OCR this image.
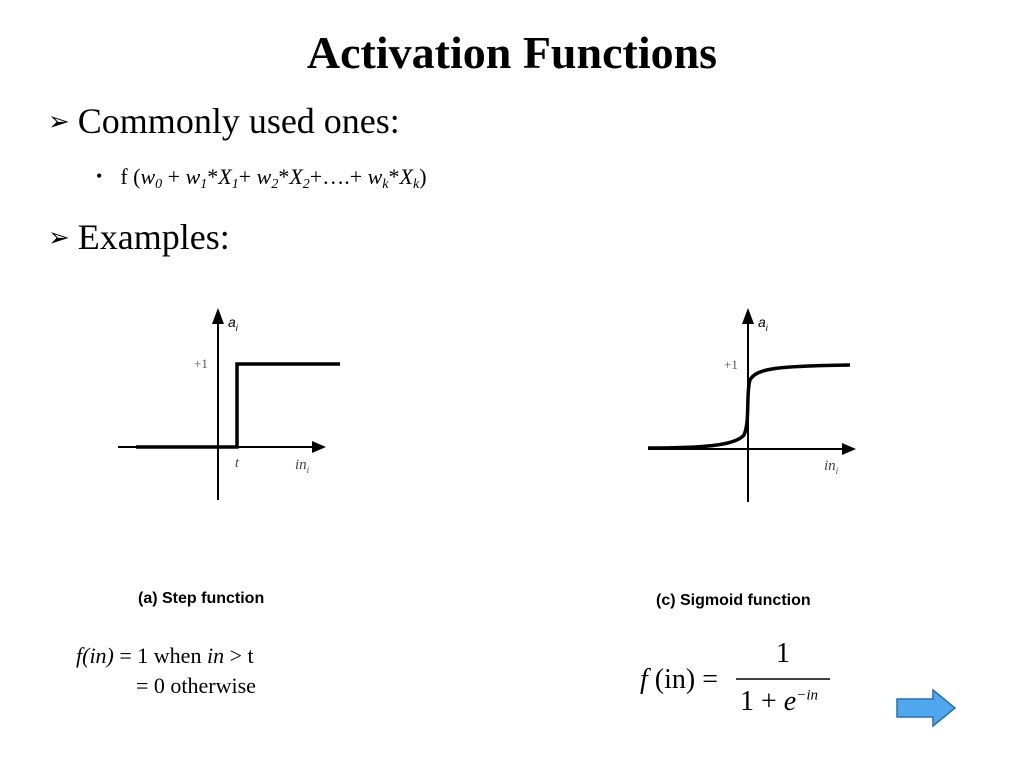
Activation Functions
➢ Commonly used ones:
• f ($w_0 + w_1*X_1+$ $w_2*X_2+\dots.+ w_k*X_k$)
➢ Examples:
$a_i$
+1
t	$in_i$
(a) Step function
$a_i$
+1
$in_i$
(c) Sigmoid function
f(in) = 1 when in > t
= 0 otherwise	f (in) =
1
$1 + e^{-in}$
